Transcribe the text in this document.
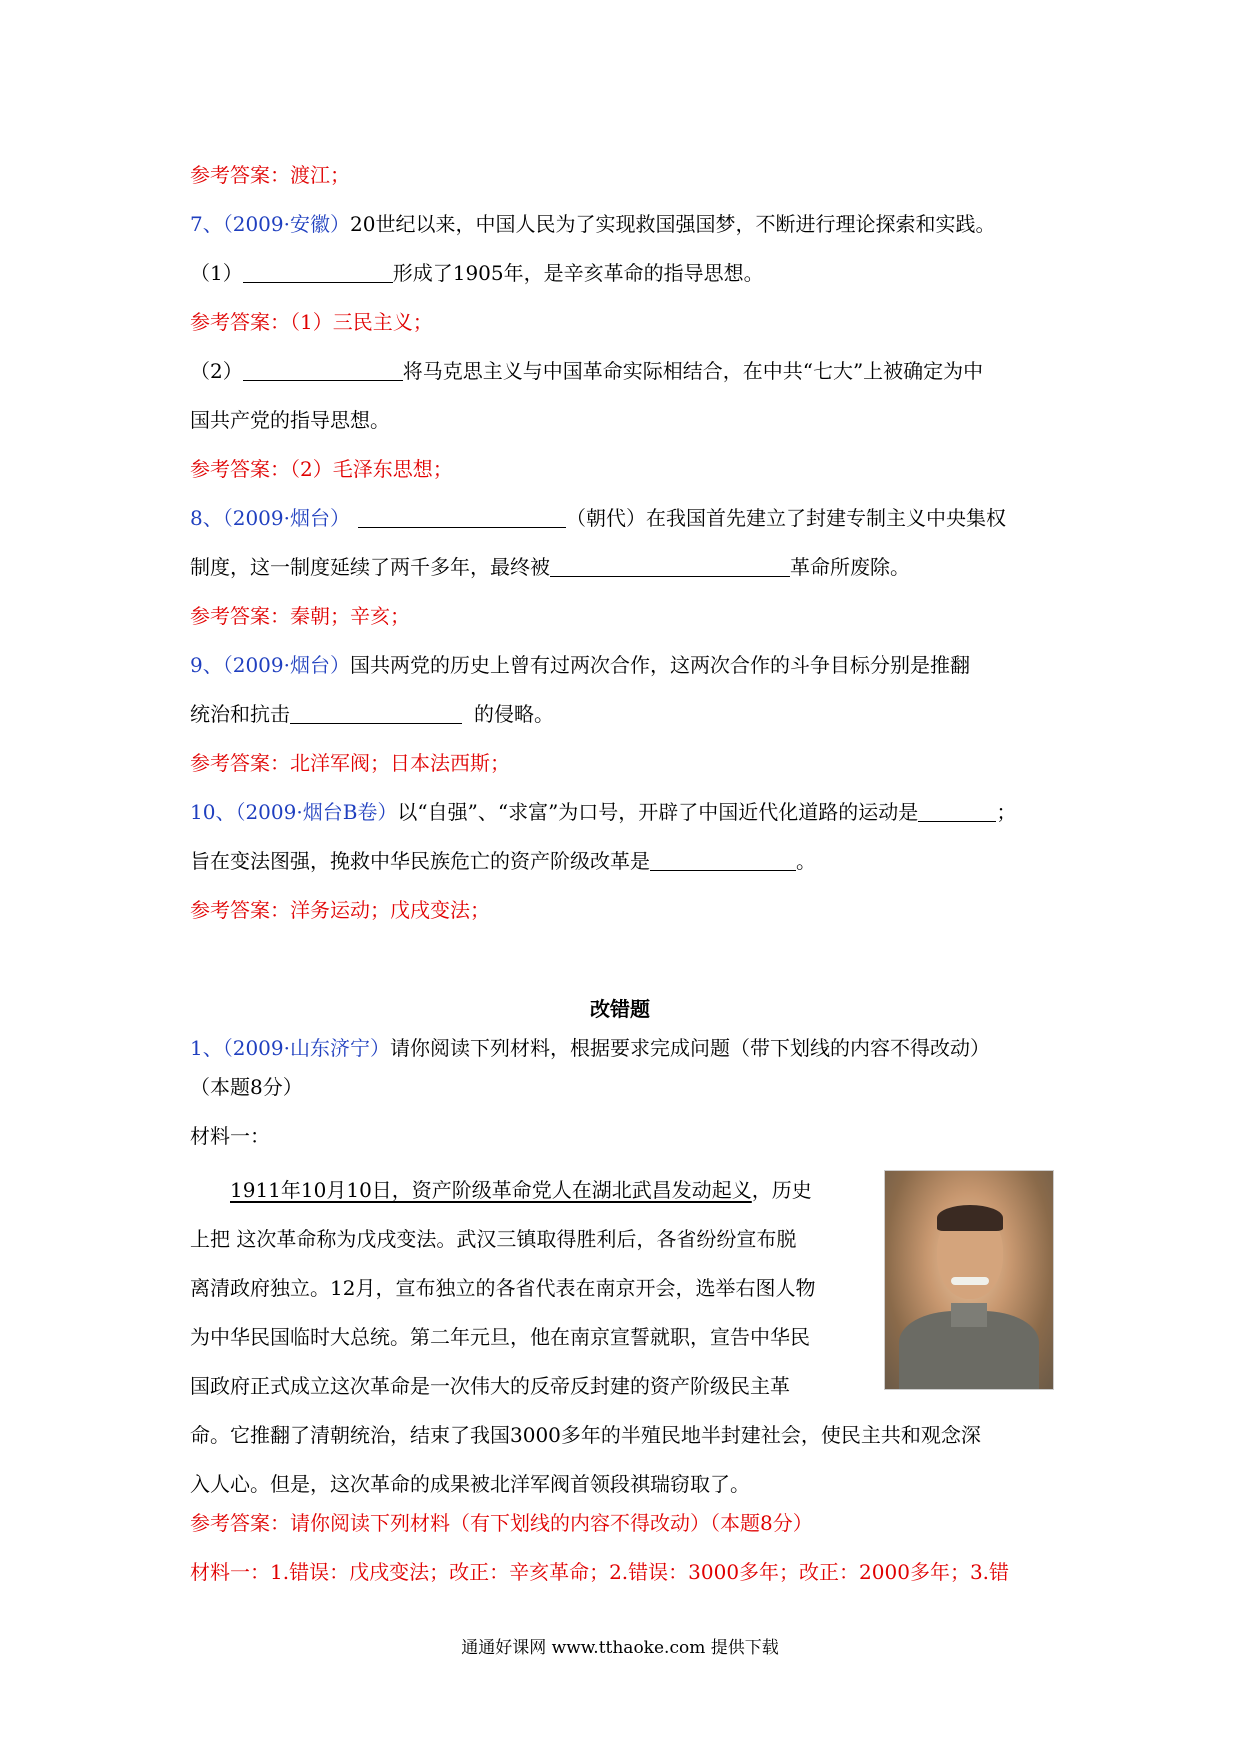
参考答案：渡江；
7、（2009·安徽）20世纪以来，中国人民为了实现救国强国梦，不断进行理论探索和实践。
（1）	形成了1905年，是辛亥革命的指导思想。
参考答案：（1）三民主义；
（2）	将马克思主义与中国革命实际相结合，在中共“七大”上被确定为中
国共产党的指导思想。
参考答案：（2）毛泽东思想；
8、（2009·烟台）	（朝代）在我国首先建立了封建专制主义中央集权
制度，这一制度延续了两千多年，最终被	革命所废除。
参考答案：秦朝；辛亥；
9、（2009·烟台）国共两党的历史上曾有过两次合作，这两次合作的斗争目标分别是推翻
统治和抗击	的侵略。
参考答案：北洋军阀；日本法西斯；
10、（2009·烟台B卷）以“自强”、“求富”为口号，开辟了中国近代化道路的运动是	；
旨在变法图强，挽救中华民族危亡的资产阶级改革是	。
参考答案：洋务运动；戊戌变法；
改错题
1、（2009·山东济宁）请你阅读下列材料，根据要求完成问题（带下划线的内容不得改动）
（本题8分）
材料一：
1911年10月10日，资产阶级革命党人在湖北武昌发动起义，历史
上把 这次革命称为戊戌变法。武汉三镇取得胜利后，各省纷纷宣布脱
离清政府独立。12月，宣布独立的各省代表在南京开会，选举右图人物
为中华民国临时大总统。第二年元旦，他在南京宣誓就职，宣告中华民
国政府正式成立这次革命是一次伟大的反帝反封建的资产阶级民主革
命。它推翻了清朝统治，结束了我国3000多年的半殖民地半封建社会，使民主共和观念深
入人心。但是，这次革命的成果被北洋军阀首领段祺瑞窃取了。
参考答案：请你阅读下列材料（有下划线的内容不得改动）（本题8分）
材料一：1.错误：戊戌变法；改正：辛亥革命；2.错误：3000多年；改正：2000多年；3.错
通通好课网 www.tthaoke.com 提供下载
